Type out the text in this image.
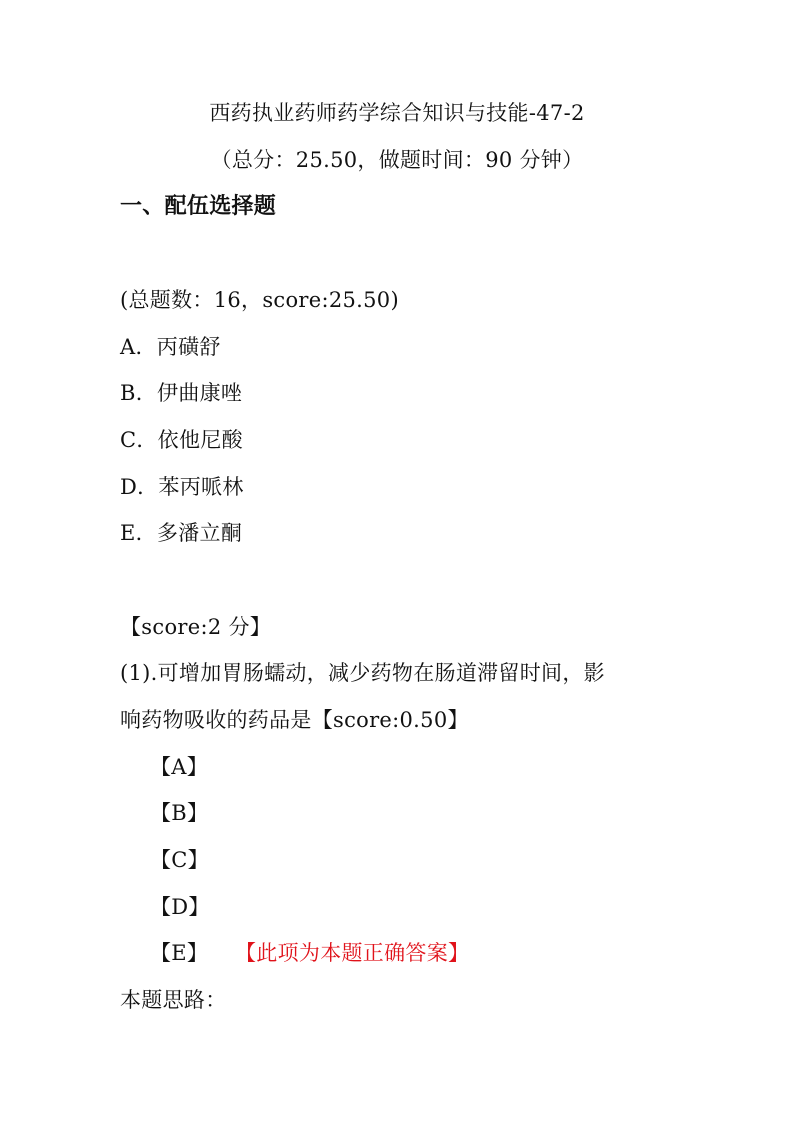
西药执业药师药学综合知识与技能-47-2
（总分：25.50，做题时间：90 分钟）
一、配伍选择题
(总题数：16，score:25.50)
A．丙磺舒
B．伊曲康唑
C．依他尼酸
D．苯丙哌林
E．多潘立酮
【score:2 分】
(1).可增加胃肠蠕动，减少药物在肠道滞留时间，影
响药物吸收的药品是【score:0.50】
【A】
【B】
【C】
【D】
【E】 【此项为本题正确答案】
本题思路：
